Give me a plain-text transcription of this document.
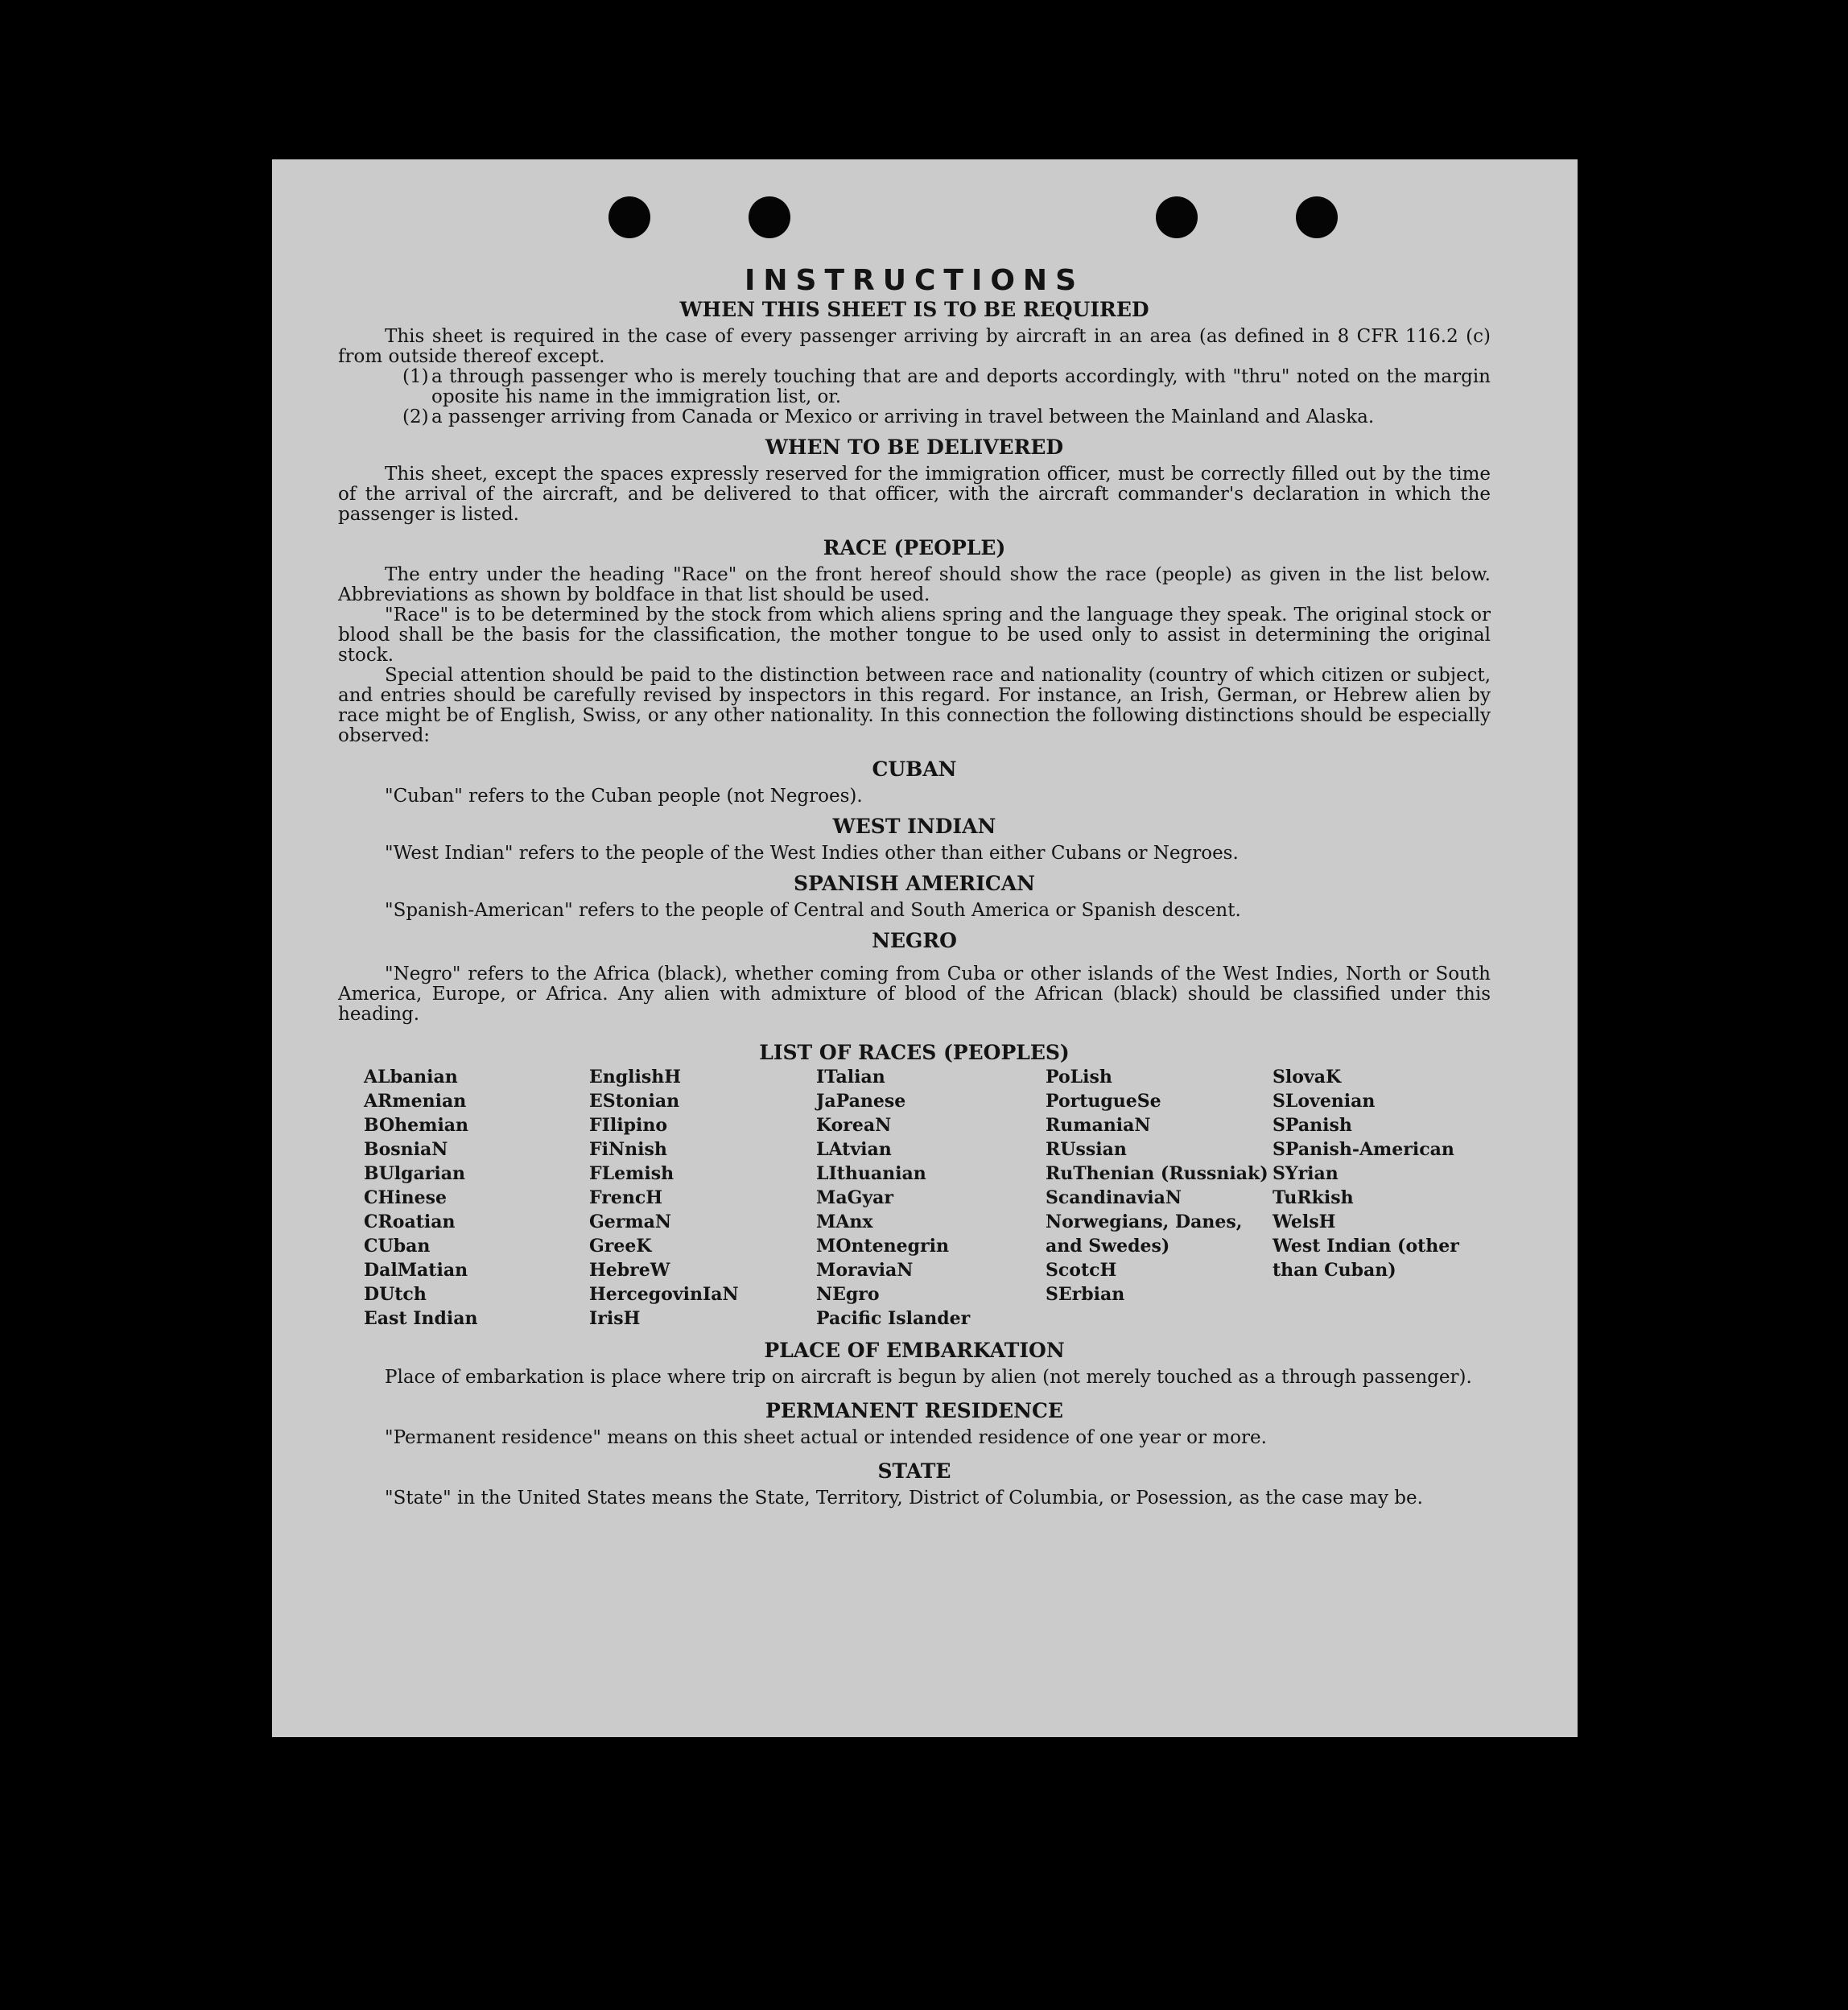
INSTRUCTIONS
WHEN THIS SHEET IS TO BE REQUIRED

This sheet is required in the case of every passenger arriving by aircraft in an area (as defined in 8 CFR 116.2 (c) from outside thereof except.

(1) a through passenger who is merely touching that are and deports accordingly, with "thru" noted on the margin oposite his name in the immigration list, or.
(2) a passenger arriving from Canada or Mexico or arriving in travel between the Mainland and Alaska.
WHEN TO BE DELIVERED

This sheet, except the spaces expressly reserved for the immigration officer, must be correctly filled out by the time of the arrival of the aircraft, and be delivered to that officer, with the aircraft commander's declaration in which the passenger is listed.

RACE (PEOPLE)

The entry under the heading "Race" on the front hereof should show the race (people) as given in the list below. Abbreviations as shown by boldface in that list should be used.

"Race" is to be determined by the stock from which aliens spring and the language they speak. The original stock or blood shall be the basis for the classification, the mother tongue to be used only to assist in determining the original stock.

Special attention should be paid to the distinction between race and nationality (country of which citizen or subject, and entries should be carefully revised by inspectors in this regard. For instance, an Irish, German, or Hebrew alien by race might be of English, Swiss, or any other nationality. In this connection the following distinctions should be especially observed:

CUBAN

"Cuban" refers to the Cuban people (not Negroes).

WEST INDIAN

"West Indian" refers to the people of the West Indies other than either Cubans or Negroes.

SPANISH AMERICAN

"Spanish-American" refers to the people of Central and South America or Spanish descent.

NEGRO

"Negro" refers to the Africa (black), whether coming from Cuba or other islands of the West Indies, North or South America, Europe, or Africa. Any alien with admixture of blood of the African (black) should be classified under this heading.

LIST OF RACES (PEOPLES)
ALbanian
ARmenian
BOhemian
BosniaN
BUlgarian
CHinese
CRoatian
CUban
DalMatian
DUtch
East Indian
EnglishH
EStonian
FIlipino
FiNnish
FLemish
FrencH
GermaN
GreeK
HebreW
HercegovinIaN
IrisH
ITalian
JaPanese
KoreaN
LAtvian
LIthuanian
MaGyar
MAnx
MOntenegrin
MoraviaN
NEgro
Pacific Islander
PoLish
PortugueSe
RumaniaN
RUssian
RuThenian (Russniak)
ScandinaviaN Norwegians, Danes, and Swedes)
ScotcH
SErbian
SlovaK
SLovenian
SPanish
SPanish-American
SYrian
TuRkish
WelsH
West Indian (other than Cuban)
PLACE OF EMBARKATION

Place of embarkation is place where trip on aircraft is begun by alien (not merely touched as a through passenger).

PERMANENT RESIDENCE

"Permanent residence" means on this sheet actual or intended residence of one year or more.

STATE

"State" in the United States means the State, Territory, District of Columbia, or Posession, as the case may be.
